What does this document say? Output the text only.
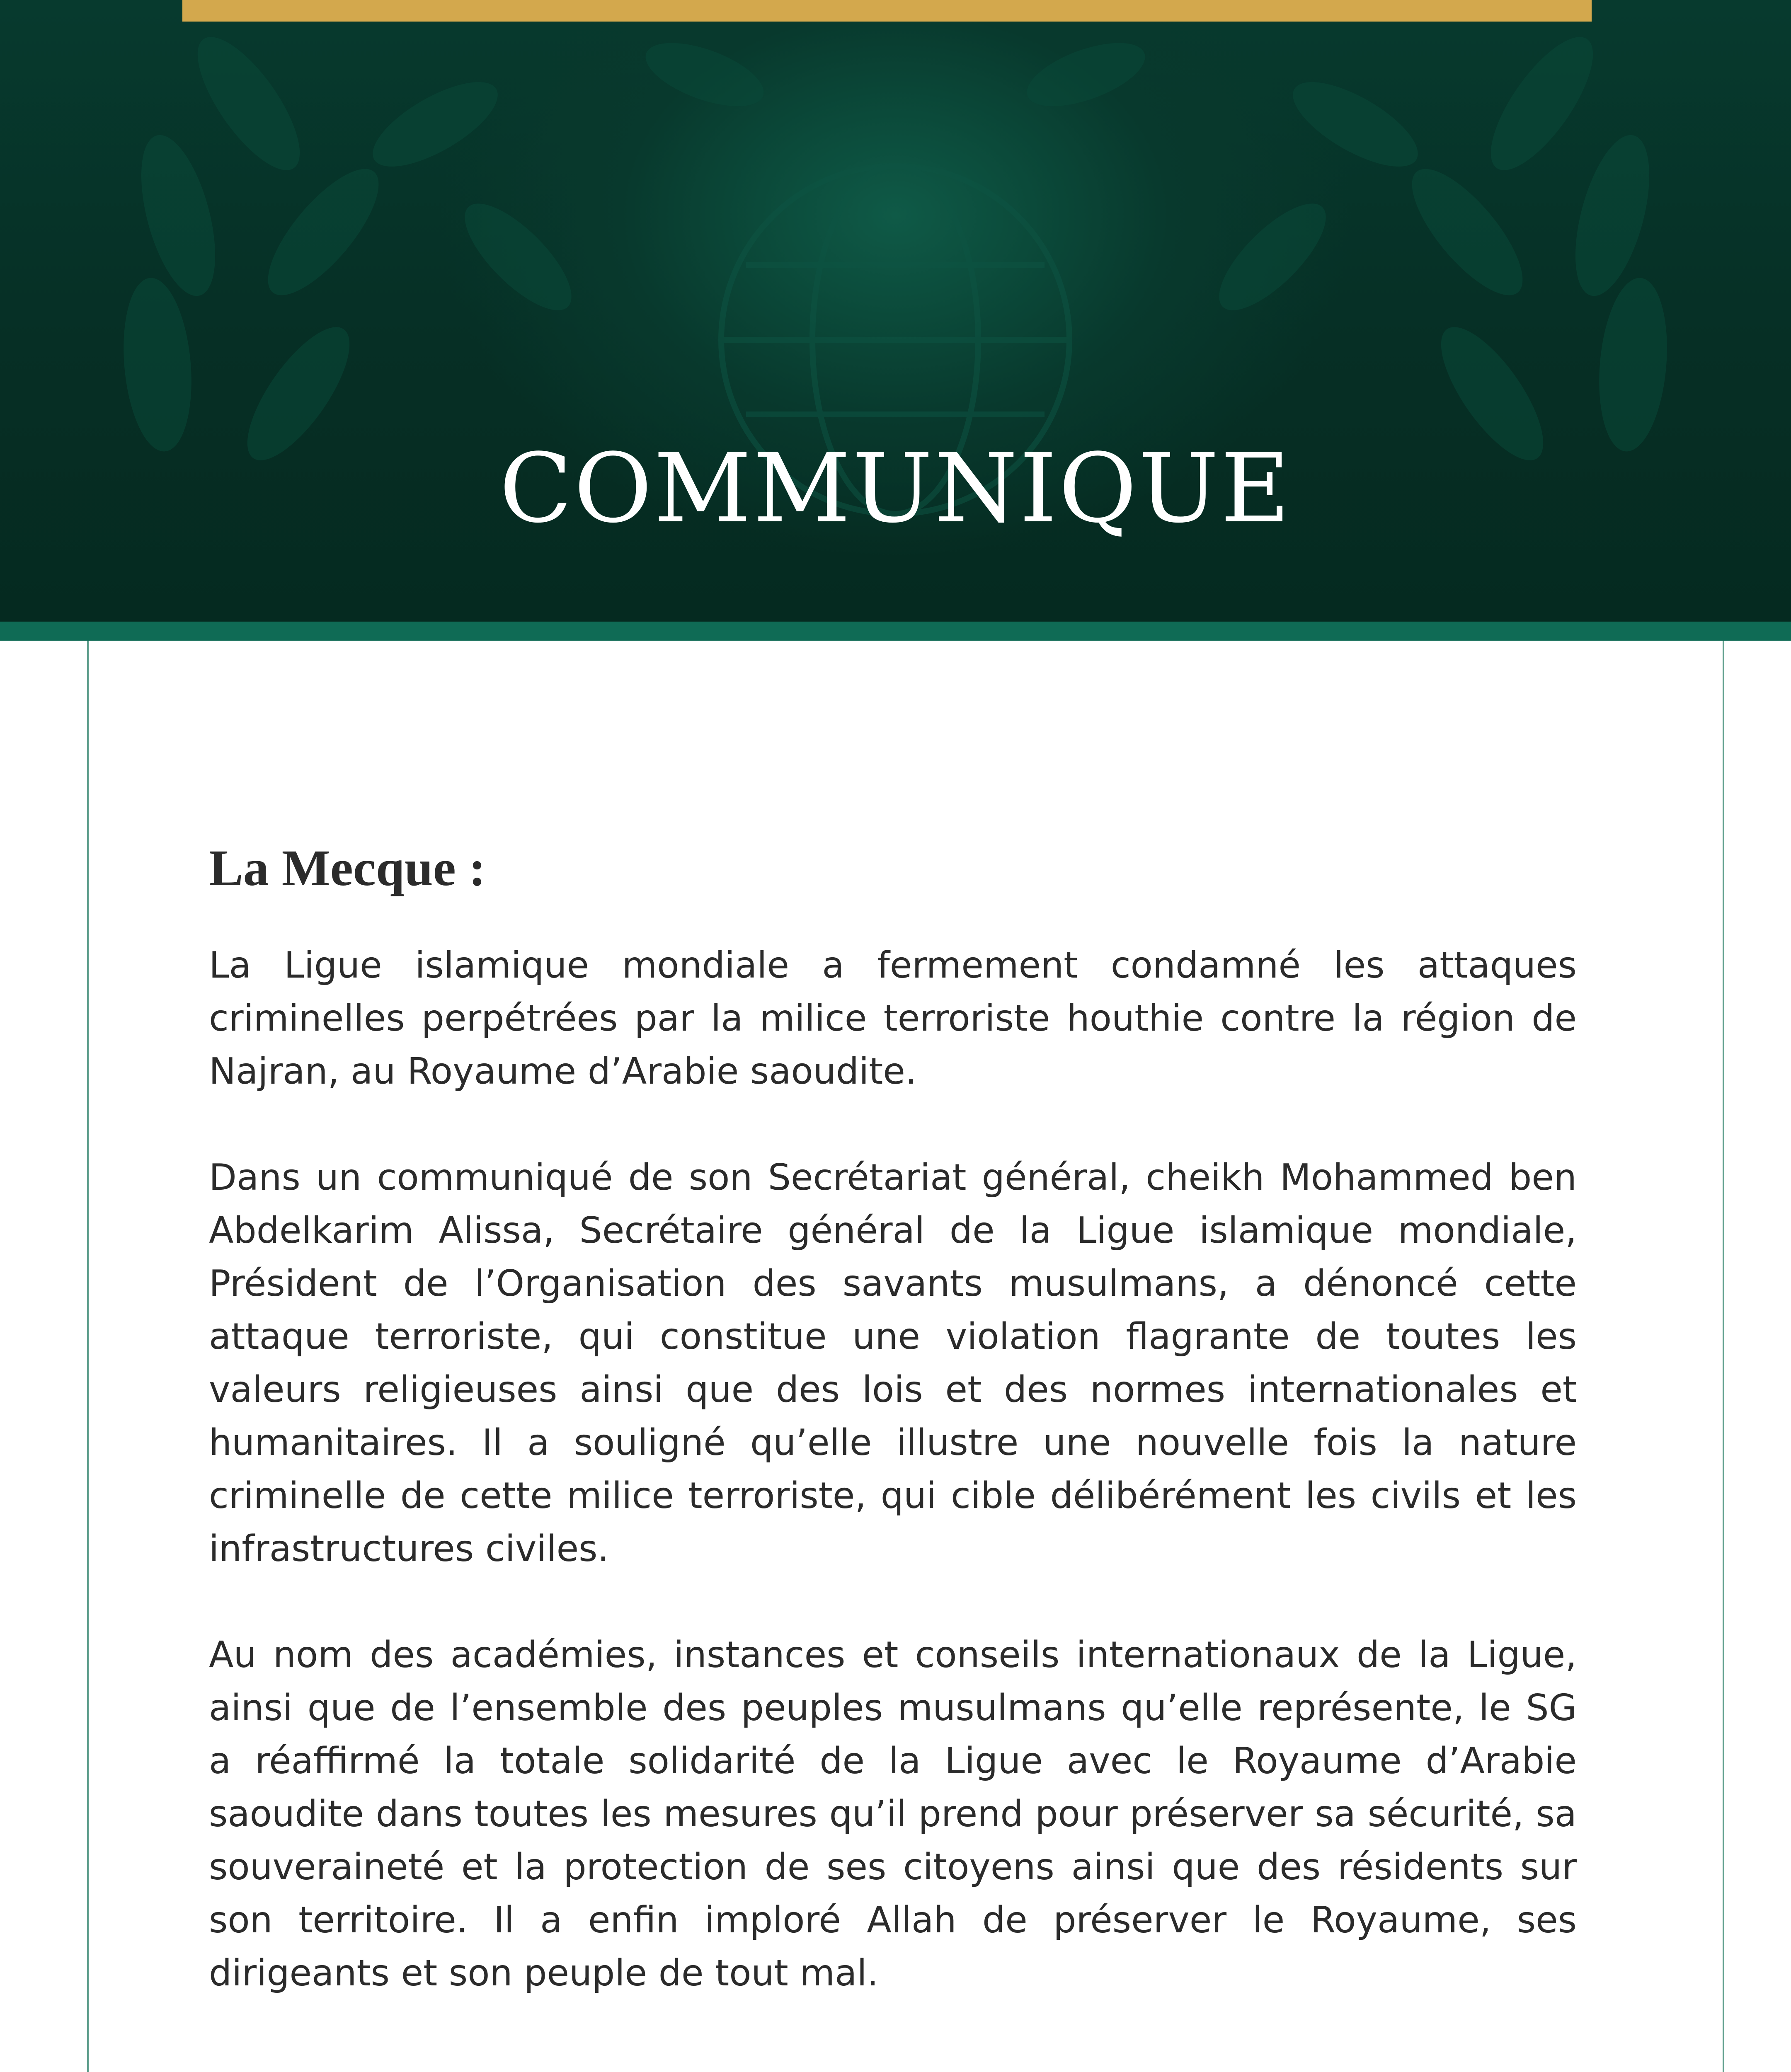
COMMUNIQUE
La Mecque :

La Ligue islamique mondiale a fermement condamné les attaques criminelles perpétrées par la milice terroriste houthie contre la région de Najran, au Royaume d’Arabie saoudite.

Dans un communiqué de son Secrétariat général, cheikh Mohammed ben Abdelkarim Alissa, Secrétaire général de la Ligue islamique mondiale, Président de l’Organisation des savants musulmans, a dénoncé cette attaque terroriste, qui constitue une violation flagrante de toutes les valeurs religieuses ainsi que des lois et des normes internationales et humanitaires. Il a souligné qu’elle illustre une nouvelle fois la nature criminelle de cette milice terroriste, qui cible délibérément les civils et les infrastructures civiles.

Au nom des académies, instances et conseils internationaux de la Ligue, ainsi que de l’ensemble des peuples musulmans qu’elle représente, le SG a réaffirmé la totale solidarité de la Ligue avec le Royaume d’Arabie saoudite dans toutes les mesures qu’il prend pour préserver sa sécurité, sa souveraineté et la protection de ses citoyens ainsi que des résidents sur son territoire. Il a enfin imploré Allah de préserver le Royaume, ses dirigeants et son peuple de tout mal.
